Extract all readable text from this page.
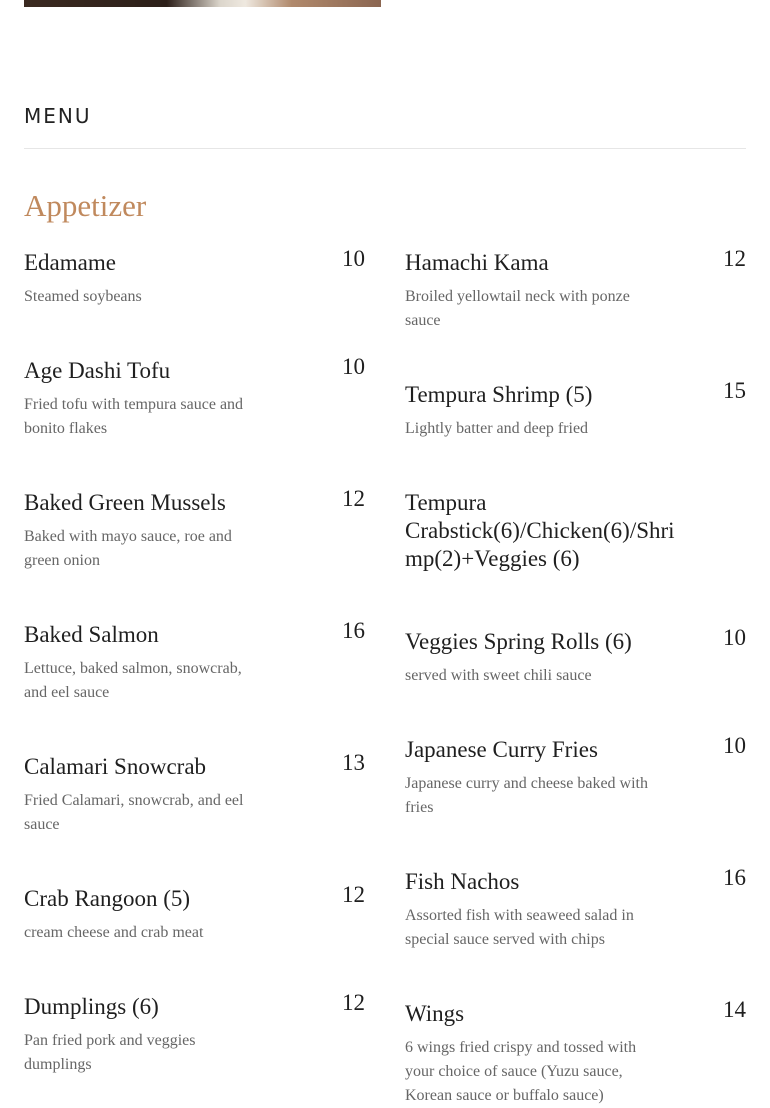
MENU
Appetizer
Edamame	10
Steamed soybeans
Age Dashi Tofu	10
Fried tofu with tempura sauce and bonito flakes
Baked Green Mussels	12
Baked with mayo sauce, roe and green onion
Baked Salmon	16
Lettuce, baked salmon, snowcrab, and eel sauce
Calamari Snowcrab	13
Fried Calamari, snowcrab, and eel sauce
Crab Rangoon (5)	12
cream cheese and crab meat
Dumplings (6)	12
Pan fried pork and veggies dumplings
Hamachi Kama	12
Broiled yellowtail neck with ponze sauce
Tempura Shrimp (5)	15
Lightly batter and deep fried
Tempura Crabstick(6)/Chicken(6)/Shrimp(2)+Veggies (6)
Veggies Spring Rolls (6)	10
served with sweet chili sauce
Japanese Curry Fries	10
Japanese curry and cheese baked with fries
Fish Nachos	16
Assorted fish with seaweed salad in special sauce served with chips
Wings	14
6 wings fried crispy and tossed with your choice of sauce (Yuzu sauce, Korean sauce or buffalo sauce)
